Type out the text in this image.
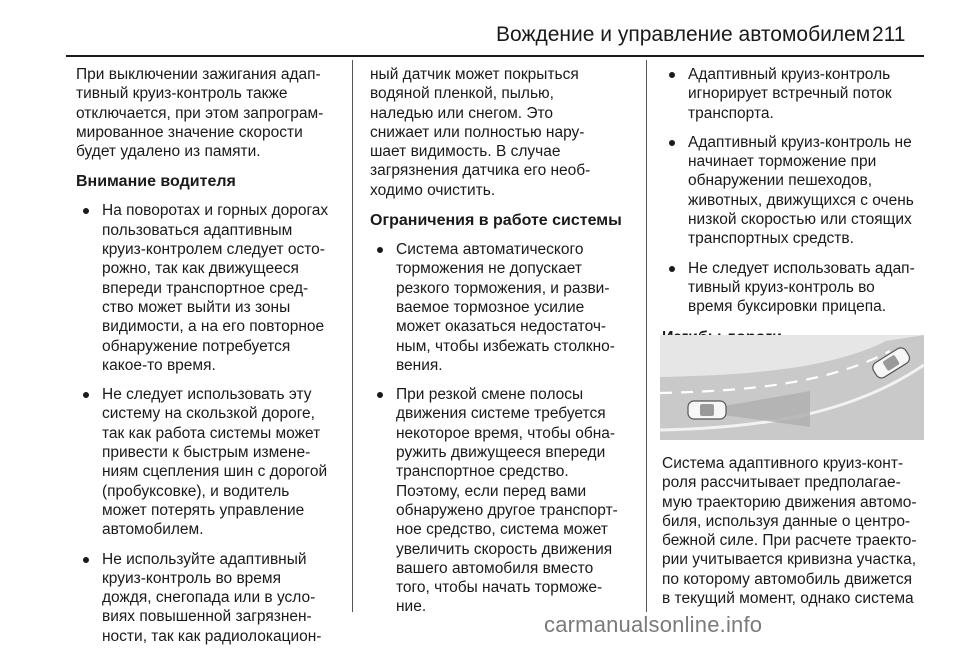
Вождение и управление автомобилем 211

При выключении зажигания адап-
тивный круиз-контроль также
отключается, при этом запрограм-
мированное значение скорости
будет удалено из памяти.

Внимание водителя
На поворотах и горных дорогах
пользоваться адаптивным
круиз-контролем следует осто-
рожно, так как движущееся
впереди транспортное сред-
ство может выйти из зоны
видимости, а на его повторное
обнаружение потребуется
какое-то время.
Не следует использовать эту
систему на скользкой дороге,
так как работа системы может
привести к быстрым измене-
ниям сцепления шин с дорогой
(пробуксовке), и водитель
может потерять управление
автомобилем.
Не используйте адаптивный
круиз-контроль во время
дождя, снегопада или в усло-
виях повышенной загрязнен-
ности, так как радиолокацион-

ный датчик может покрыться
водяной пленкой, пылью,
наледью или снегом. Это
снижает или полностью нару-
шает видимость. В случае
загрязнения датчика его необ-
ходимо очистить.

Ограничения в работе системы
Система автоматического
торможения не допускает
резкого торможения, и разви-
ваемое тормозное усилие
может оказаться недостаточ-
ным, чтобы избежать столкно-
вения.
При резкой смене полосы
движения системе требуется
некоторое время, чтобы обна-
ружить движущееся впереди
транспортное средство.
Поэтому, если перед вами
обнаружено другое транспорт-
ное средство, система может
увеличить скорость движения
вашего автомобиля вместо
того, чтобы начать торможе-
ние.
Адаптивный круиз-контроль
игнорирует встречный поток
транспорта.
Адаптивный круиз-контроль не
начинает торможение при
обнаружении пешеходов,
животных, движущихся с очень
низкой скоростью или стоящих
транспортных средств.
Не следует использовать адап-
тивный круиз-контроль во
время буксировки прицепа.

Система адаптивного круиз-конт-
роля рассчитывает предполагае-
мую траекторию движения автомо-
биля, используя данные о центро-
бежной силе. При расчете траекто-
рии учитывается кривизна участка,
по которому автомобиль движется
в текущий момент, однако система

carmanualsonline.info
